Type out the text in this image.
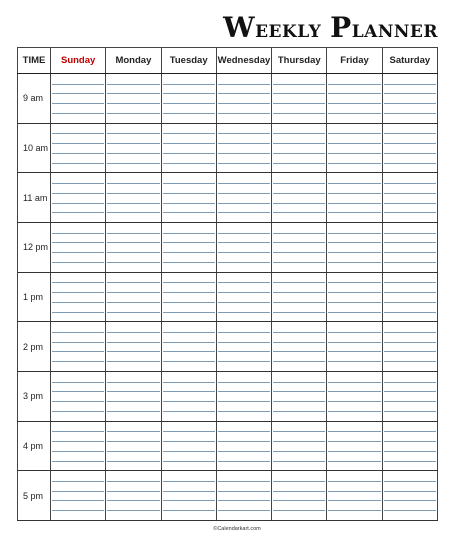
Weekly Planner
TIME	Sunday	Monday	Tuesday	Wednesday	Thursday	Friday	Saturday
9 am	

10 am	

11 am	

12 pm	

1 pm	

2 pm	

3 pm	

4 pm	

5 pm	

©Calendarkart.com
